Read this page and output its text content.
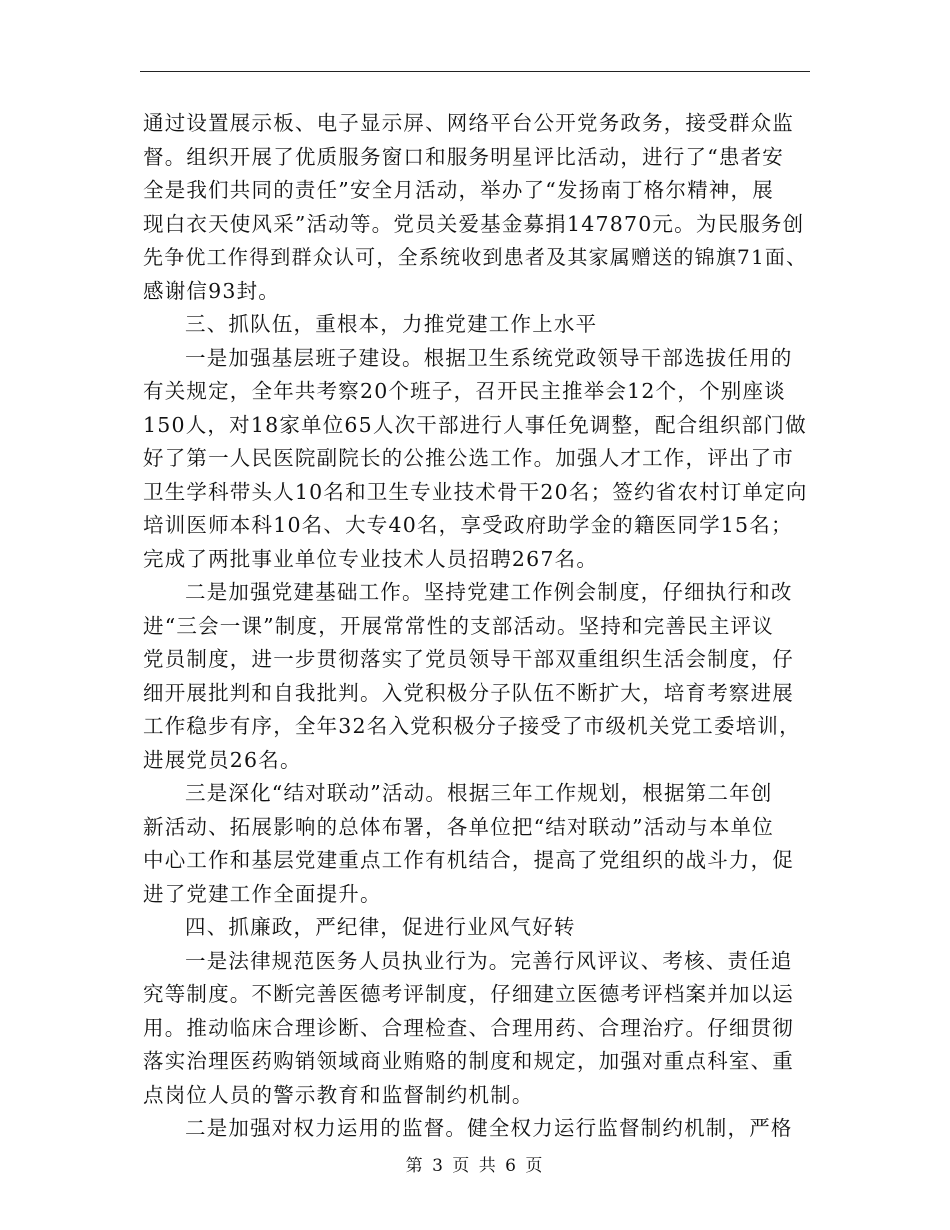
通过设置展示板、电子显示屏、网络平台公开党务政务，接受群众监
督。组织开展了优质服务窗口和服务明星评比活动，进行了“患者安
全是我们共同的责任”安全月活动，举办了“发扬南丁格尔精神，展
现白衣天使风采”活动等。党员关爱基金募捐147870元。为民服务创
先争优工作得到群众认可，全系统收到患者及其家属赠送的锦旗71面、
感谢信93封。
三、抓队伍，重根本，力推党建工作上水平
一是加强基层班子建设。根据卫生系统党政领导干部选拔任用的
有关规定，全年共考察20个班子，召开民主推举会12个，个别座谈
150人，对18家单位65人次干部进行人事任免调整，配合组织部门做
好了第一人民医院副院长的公推公选工作。加强人才工作，评出了市
卫生学科带头人10名和卫生专业技术骨干20名；签约省农村订单定向
培训医师本科10名、大专40名，享受政府助学金的籍医同学15名；
完成了两批事业单位专业技术人员招聘267名。
二是加强党建基础工作。坚持党建工作例会制度，仔细执行和改
进“三会一课”制度，开展常常性的支部活动。坚持和完善民主评议
党员制度，进一步贯彻落实了党员领导干部双重组织生活会制度，仔
细开展批判和自我批判。入党积极分子队伍不断扩大，培育考察进展
工作稳步有序，全年32名入党积极分子接受了市级机关党工委培训，
进展党员26名。
三是深化“结对联动”活动。根据三年工作规划，根据第二年创
新活动、拓展影响的总体布署，各单位把“结对联动”活动与本单位
中心工作和基层党建重点工作有机结合，提高了党组织的战斗力，促
进了党建工作全面提升。
四、抓廉政，严纪律，促进行业风气好转
一是法律规范医务人员执业行为。完善行风评议、考核、责任追
究等制度。不断完善医德考评制度，仔细建立医德考评档案并加以运
用。推动临床合理诊断、合理检查、合理用药、合理治疗。仔细贯彻
落实治理医药购销领域商业贿赂的制度和规定，加强对重点科室、重
点岗位人员的警示教育和监督制约机制。
二是加强对权力运用的监督。健全权力运行监督制约机制，严格
第 3 页 共 6 页
